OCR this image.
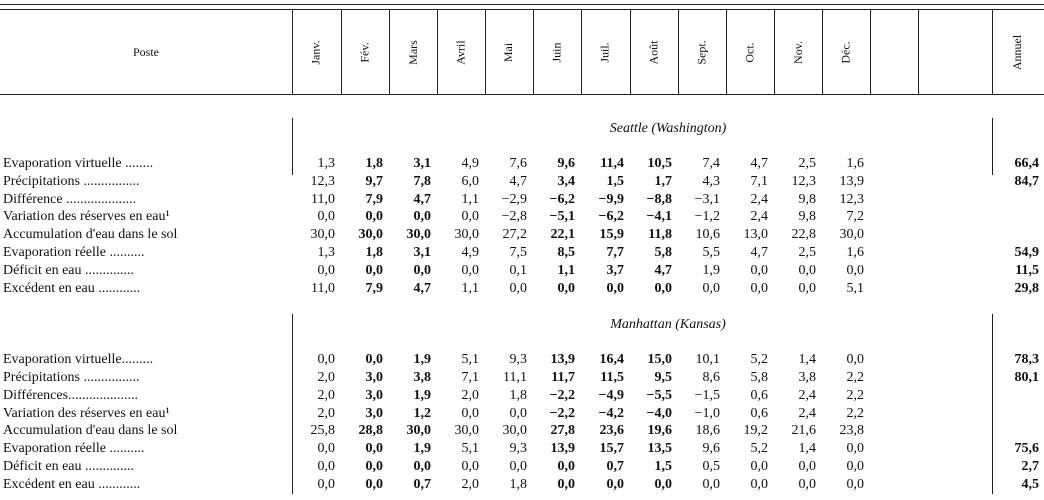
Poste	Janv.	Fév.	Mars	Avril	Mai	Juin	Juil.	Août	Sept.	Oct.	Nov.	Déc.	Annuel
Seattle (Washington)
Manhattan (Kansas)
Evaporation virtuelle ........	1,3	1,8	3,1	4,9	7,6	9,6	11,4	10,5	7,4	4,7	2,5	1,6	66,4
Précipitations ................	12,3	9,7	7,8	6,0	4,7	3,4	1,5	1,7	4,3	7,1	12,3	13,9	84,7
Différence ....................	11,0	7,9	4,7	1,1	−2,9	−6,2	−9,9	−8,8	−3,1	2,4	9,8	12,3
Variation des réserves en eau¹	0,0	0,0	0,0	0,0	−2,8	−5,1	−6,2	−4,1	−1,2	2,4	9,8	7,2
Accumulation d'eau dans le sol	30,0	30,0	30,0	30,0	27,2	22,1	15,9	11,8	10,6	13,0	22,8	30,0
Evaporation réelle ..........	1,3	1,8	3,1	4,9	7,5	8,5	7,7	5,8	5,5	4,7	2,5	1,6	54,9
Déficit en eau ..............	0,0	0,0	0,0	0,0	0,1	1,1	3,7	4,7	1,9	0,0	0,0	0,0	11,5
Excédent en eau ............	11,0	7,9	4,7	1,1	0,0	0,0	0,0	0,0	0,0	0,0	0,0	5,1	29,8
Evaporation virtuelle.........	0,0	0,0	1,9	5,1	9,3	13,9	16,4	15,0	10,1	5,2	1,4	0,0	78,3
Précipitations ................	2,0	3,0	3,8	7,1	11,1	11,7	11,5	9,5	8,6	5,8	3,8	2,2	80,1
Différences....................	2,0	3,0	1,9	2,0	1,8	−2,2	−4,9	−5,5	−1,5	0,6	2,4	2,2
Variation des réserves en eau¹	2,0	3,0	1,2	0,0	0,0	−2,2	−4,2	−4,0	−1,0	0,6	2,4	2,2
Accumulation d'eau dans le sol	25,8	28,8	30,0	30,0	30,0	27,8	23,6	19,6	18,6	19,2	21,6	23,8
Evaporation réelle ..........	0,0	0,0	1,9	5,1	9,3	13,9	15,7	13,5	9,6	5,2	1,4	0,0	75,6
Déficit en eau ..............	0,0	0,0	0,0	0,0	0,0	0,0	0,7	1,5	0,5	0,0	0,0	0,0	2,7
Excédent en eau ............	0,0	0,0	0,7	2,0	1,8	0,0	0,0	0,0	0,0	0,0	0,0	0,0	4,5
